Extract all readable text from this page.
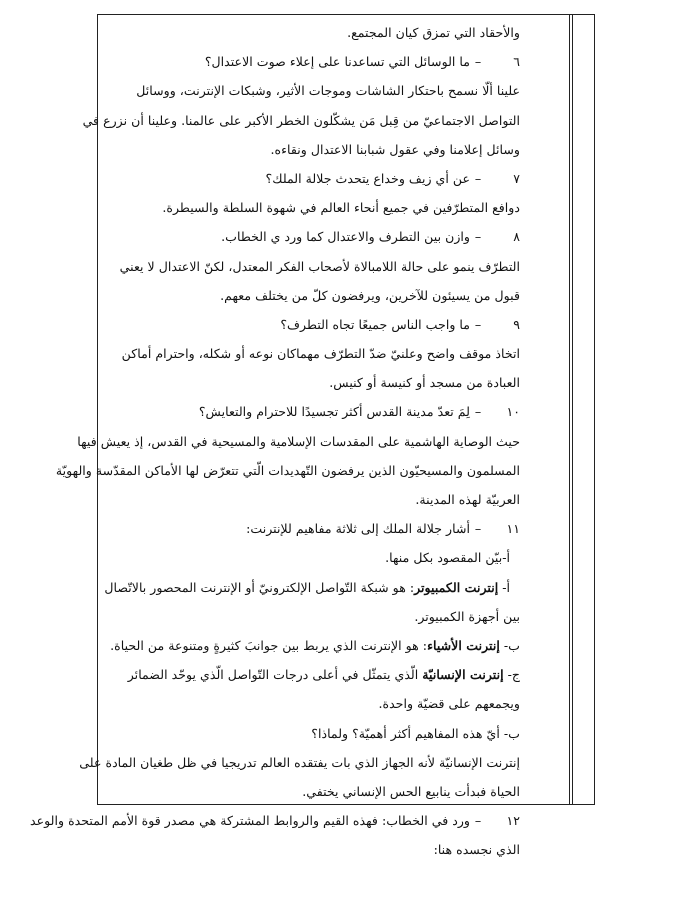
والأحقاد التي تمزق كيان المجتمع.
٦–ما الوسائل التي تساعدنا على إعلاء صوت الاعتدال؟
علينا ألّا نسمح باحتكار الشاشات وموجات الأثير، وشبكات الإنترنت، ووسائل
التواصل الاجتماعيّ من قِبل مَن يشكّلون الخطر الأكبر على عالمنا. وعلينا أن نزرع في
وسائل إعلامنا وفي عقول شبابنا الاعتدال ونقاءه.
٧–عن أي زيف وخداع يتحدث جلالة الملك؟
دوافع المتطرّفين في جميع أنحاء العالم في شهوة السلطة والسيطرة.
٨–وازن بين التطرف والاعتدال كما ورد ي الخطاب.
التطرّف ينمو على حالة اللامبالاة لأصحاب الفكر المعتدل، لكنّ الاعتدال لا يعني
قبول من يسيئون للآخرين، ويرفضون كلّ من يختلف معهم.
٩–ما واجب الناس جميعًا تجاه التطرف؟
اتخاذ موقف واضح وعلنيّ ضدّ التطرّف مهماكان نوعه أو شكله، واحترام أماكن
العبادة من مسجد أو كنيسة أو كنيس.
١٠–لِمَ تعدّ مدينة القدس أكثر تجسيدًا للاحترام والتعايش؟
حيث الوصاية الهاشمية على المقدسات الإسلامية والمسيحية في القدس، إذ يعيش فيها
المسلمون والمسيحيّون الذين يرفضون التّهديدات الّتي تتعرّض لها الأماكن المقدّسة والهويّة
العربيّة لهذه المدينة.
١١–أشار جلالة الملك إلى ثلاثة مفاهيم للإنترنت:
أ-بيّن المقصود بكل منها.
أ- إنترنت الكمبيوتر: هو شبكة التّواصل الإلكترونيّ أو الإنترنت المحصور بالاتّصال
بين أجهزة الكمبيوتر.
ب- إنترنت الأشياء: هو الإنترنت الذي يربط بين جوانبَ كثيرةٍ ومتنوعة من الحياة.
ج- إنترنت الإنسانيّة الّذي يتمثّل في أعلى درجات التّواصل الّذي يوحّد الضمائر
ويجمعهم على قضيّة واحدة.
ب- أيّ هذه المفاهيم أكثر أهميّة؟ ولماذا؟
إنترنت الإنسانيّة لأنه الجهاز الذي بات يفتقده العالم تدريجيا في ظل طغيان المادة على
الحياة فبدأت ينابيع الحس الإنساني يختفي.
١٢–ورد في الخطاب: فهذه القيم والروابط المشتركة هي مصدر قوة الأمم المتحدة والوعد
الذي نجسده هنا:
